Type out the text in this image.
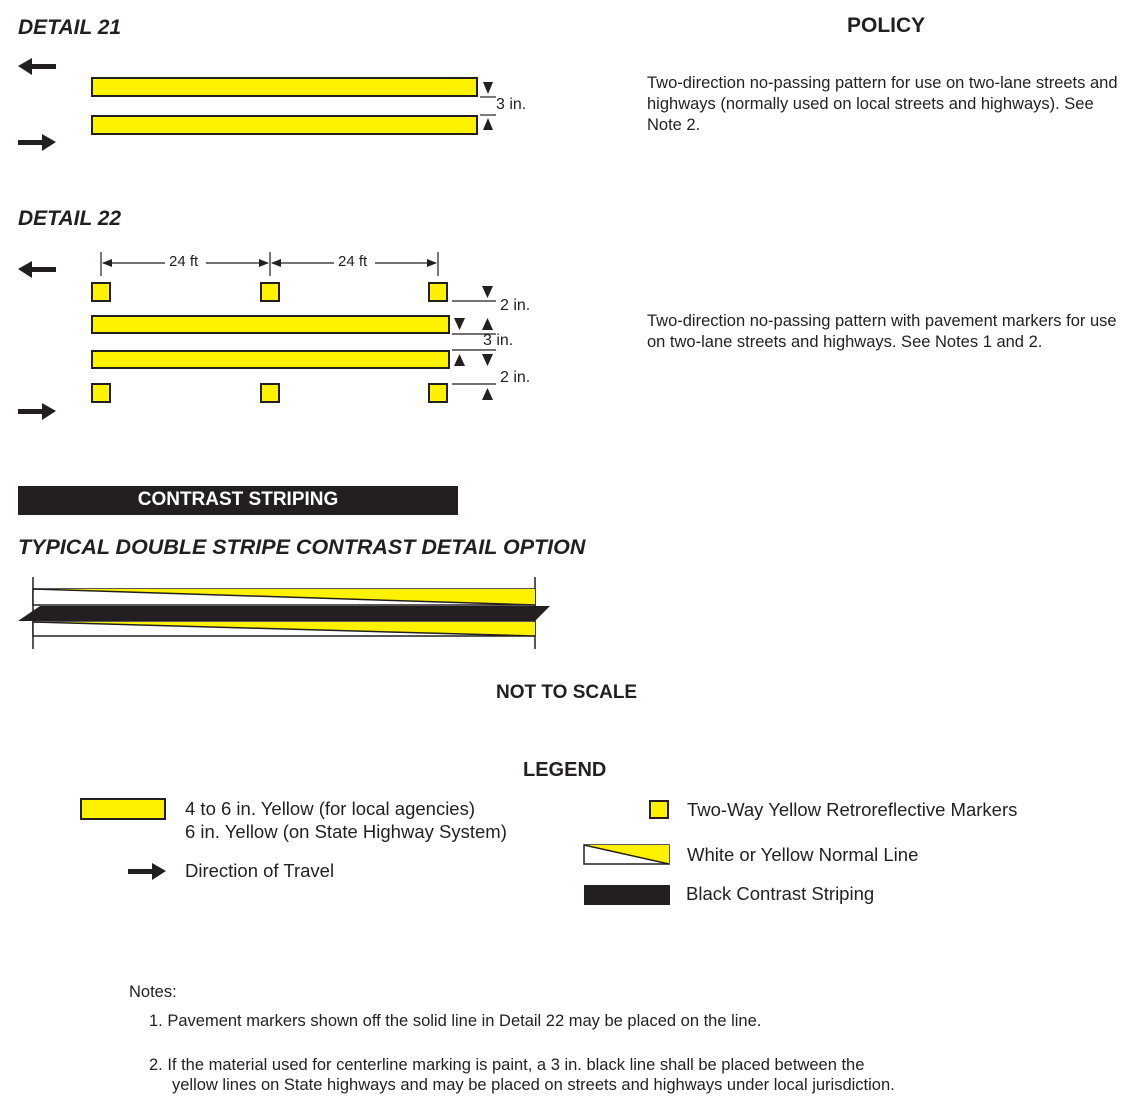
DETAIL 21	POLICY
3 in.
Two-direction no-passing pattern for use on two-lane streets and highways (normally used on local streets and highways). See Note 2.
DETAIL 22
24 ft	24 ft
2 in.
3 in.
2 in.
Two-direction no-passing pattern with pavement markers for use on two-lane streets and highways. See Notes 1 and 2.
CONTRAST STRIPING
TYPICAL DOUBLE STRIPE CONTRAST DETAIL OPTION
NOT TO SCALE
LEGEND
4 to 6 in. Yellow (for local agencies)
6 in. Yellow (on State Highway System)
Direction of Travel
Two-Way Yellow Retroreflective Markers
White or Yellow Normal Line
Black Contrast Striping
Notes:
1. Pavement markers shown off the solid line in Detail 22 may be placed on the line.
2. If the material used for centerline marking is paint, a 3 in. black line shall be placed between the
yellow lines on State highways and may be placed on streets and highways under local jurisdiction.
